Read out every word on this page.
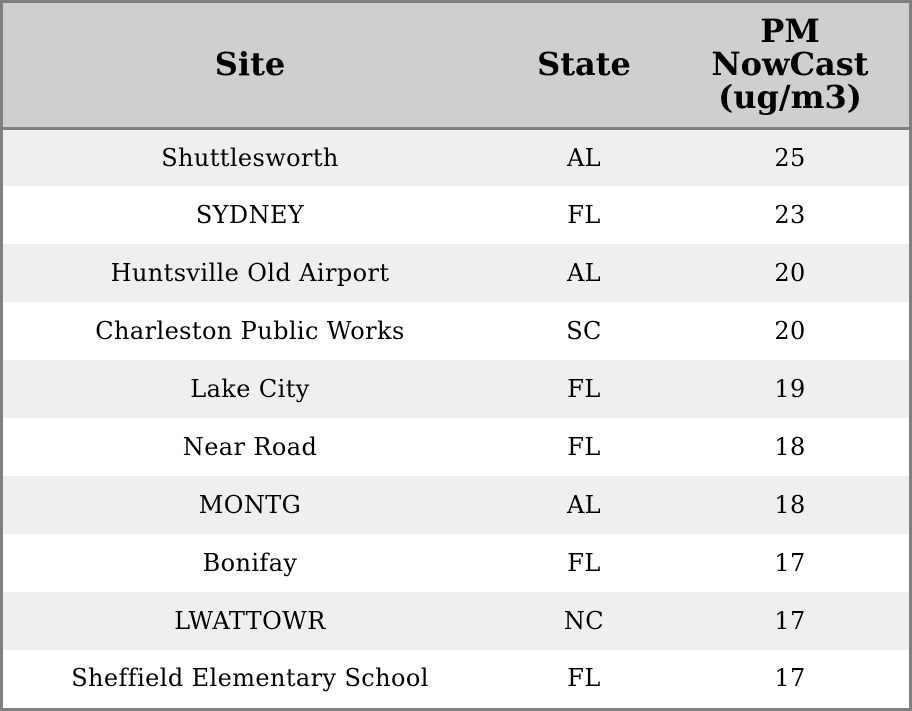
Site	State	PM
NowCast
(ug/m3)
Shuttlesworth	AL	25
SYDNEY	FL	23
Huntsville Old Airport	AL	20
Charleston Public Works	SC	20
Lake City	FL	19
Near Road	FL	18
MONTG	AL	18
Bonifay	FL	17
LWATTOWR	NC	17
Sheffield Elementary School	FL	17
